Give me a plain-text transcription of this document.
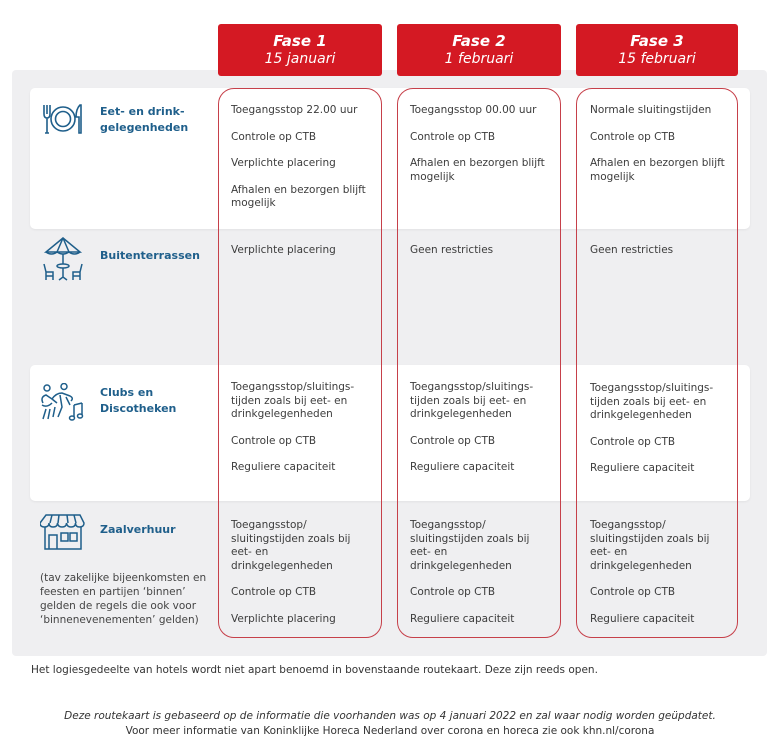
Fase 1
15 januari
Fase 2
1 februari
Fase 3
15 februari
Eet- en drink-
gelegenheden
Buitenterrassen
Clubs en
Discotheken
Zaalverhuur
(tav zakelijke bijeenkomsten en feesten en partijen ‘binnen’ gelden de regels die ook voor ‘binnenevenementen’ gelden)

Toegangsstop 22.00 uur

Controle op CTB

Verplichte placering

Afhalen en bezorgen blijft mogelijk

Toegangsstop 00.00 uur

Controle op CTB

Afhalen en bezorgen blijft mogelijk

Normale sluitingstijden

Controle op CTB

Afhalen en bezorgen blijft mogelijk

Verplichte placering	Geen restricties	Geen restricties

Toegangsstop/sluitings-tijden zoals bij eet- en drinkgelegenheden

Controle op CTB

Reguliere capaciteit

Toegangsstop/sluitings-tijden zoals bij eet- en drinkgelegenheden

Controle op CTB

Reguliere capaciteit

Toegangsstop/sluitings-tijden zoals bij eet- en drinkgelegenheden

Controle op CTB

Reguliere capaciteit

Toegangsstop/ sluitingstijden zoals bij eet- en drinkgelegenheden

Controle op CTB

Verplichte placering

Toegangsstop/ sluitingstijden zoals bij eet- en drinkgelegenheden

Controle op CTB

Reguliere capaciteit

Toegangsstop/ sluitingstijden zoals bij eet- en drinkgelegenheden

Controle op CTB

Reguliere capaciteit

Het logiesgedeelte van hotels wordt niet apart benoemd in bovenstaande routekaart. Deze zijn reeds open.
Deze routekaart is gebaseerd op de informatie die voorhanden was op 4 januari 2022 en zal waar nodig worden geüpdatet.
Voor meer informatie van Koninklijke Horeca Nederland over corona en horeca zie ook khn.nl/corona
